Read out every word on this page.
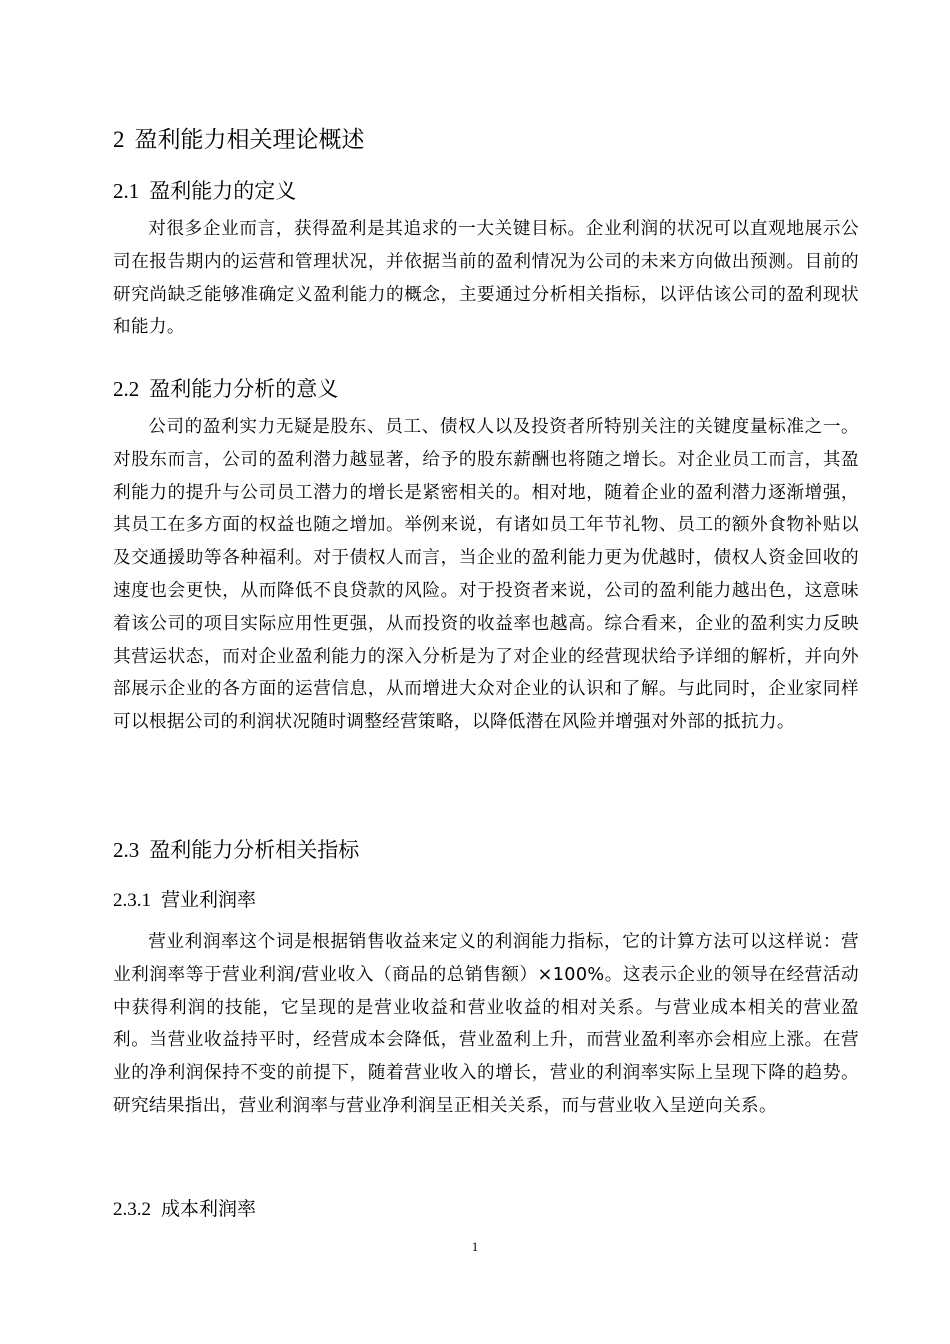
2 盈利能力相关理论概述
2.1 盈利能力的定义

对很多企业而言，获得盈利是其追求的一大关键目标。企业利润的状况可以直观地展示公司在报告期内的运营和管理状况，并依据当前的盈利情况为公司的未来方向做出预测。目前的研究尚缺乏能够准确定义盈利能力的概念，主要通过分析相关指标，以评估该公司的盈利现状和能力。

2.2 盈利能力分析的意义

公司的盈利实力无疑是股东、员工、债权人以及投资者所特别关注的关键度量标准之一。对股东而言，公司的盈利潜力越显著，给予的股东薪酬也将随之增长。对企业员工而言，其盈利能力的提升与公司员工潜力的增长是紧密相关的。相对地，随着企业的盈利潜力逐渐增强，其员工在多方面的权益也随之增加。举例来说，有诸如员工年节礼物、员工的额外食物补贴以及交通援助等各种福利。对于债权人而言，当企业的盈利能力更为优越时，债权人资金回收的速度也会更快，从而降低不良贷款的风险。对于投资者来说，公司的盈利能力越出色，这意味着该公司的项目实际应用性更强，从而投资的收益率也越高。综合看来，企业的盈利实力反映其营运状态，而对企业盈利能力的深入分析是为了对企业的经营现状给予详细的解析，并向外部展示企业的各方面的运营信息，从而增进大众对企业的认识和了解。与此同时，企业家同样可以根据公司的利润状况随时调整经营策略，以降低潜在风险并增强对外部的抵抗力。

2.3 盈利能力分析相关指标
2.3.1 营业利润率

营业利润率这个词是根据销售收益来定义的利润能力指标，它的计算方法可以这样说：营业利润率等于营业利润/营业收入（商品的总销售额）×100%。这表示企业的领导在经营活动中获得利润的技能，它呈现的是营业收益和营业收益的相对关系。与营业成本相关的营业盈利。当营业收益持平时，经营成本会降低，营业盈利上升，而营业盈利率亦会相应上涨。在营业的净利润保持不变的前提下，随着营业收入的增长，营业的利润率实际上呈现下降的趋势。研究结果指出，营业利润率与营业净利润呈正相关关系，而与营业收入呈逆向关系。

2.3.2 成本利润率
1
